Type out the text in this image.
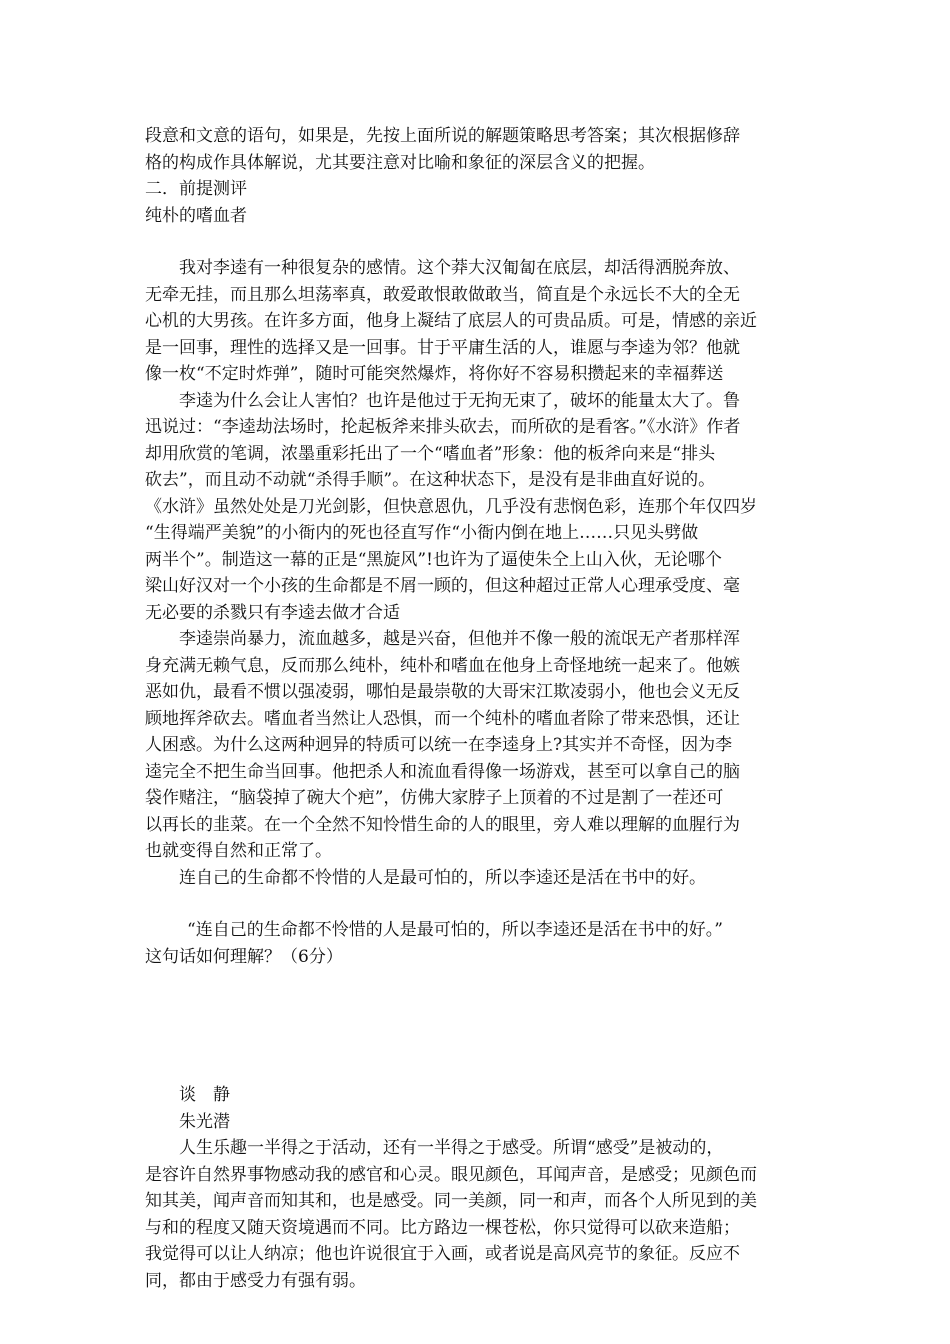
段意和文意的语句，如果是，先按上面所说的解题策略思考答案；其次根据修辞
格的构成作具体解说，尤其要注意对比喻和象征的深层含义的把握。
二．前提测评
纯朴的嗜血者
我对李逵有一种很复杂的感情。这个莽大汉匍匐在底层，却活得洒脱奔放、
无牵无挂，而且那么坦荡率真，敢爱敢恨敢做敢当，简直是个永远长不大的全无
心机的大男孩。在许多方面，他身上凝结了底层人的可贵品质。可是，情感的亲近
是一回事，理性的选择又是一回事。甘于平庸生活的人，谁愿与李逵为邻？他就
像一枚“不定时炸弹”，随时可能突然爆炸，将你好不容易积攒起来的幸福葬送
李逵为什么会让人害怕？也许是他过于无拘无束了，破坏的能量太大了。鲁
迅说过：“李逵劫法场时，抡起板斧来排头砍去，而所砍的是看客。”《水浒》作者
却用欣赏的笔调，浓墨重彩托出了一个“嗜血者”形象：他的板斧向来是“排头
砍去”，而且动不动就“杀得手顺”。在这种状态下，是没有是非曲直好说的。
《水浒》虽然处处是刀光剑影，但快意恩仇，几乎没有悲悯色彩，连那个年仅四岁
“生得端严美貌”的小衙内的死也径直写作“小衙内倒在地上……只见头劈做
两半个”。制造这一幕的正是“黑旋风”!也许为了逼使朱仝上山入伙，无论哪个
梁山好汉对一个小孩的生命都是不屑一顾的，但这种超过正常人心理承受度、毫
无必要的杀戮只有李逵去做才合适
李逵崇尚暴力，流血越多，越是兴奋，但他并不像一般的流氓无产者那样浑
身充满无赖气息，反而那么纯朴，纯朴和嗜血在他身上奇怪地统一起来了。他嫉
恶如仇，最看不惯以强凌弱，哪怕是最崇敬的大哥宋江欺凌弱小，他也会义无反
顾地挥斧砍去。嗜血者当然让人恐惧，而一个纯朴的嗜血者除了带来恐惧，还让
人困惑。为什么这两种迥异的特质可以统一在李逵身上?其实并不奇怪，因为李
逵完全不把生命当回事。他把杀人和流血看得像一场游戏，甚至可以拿自己的脑
袋作赌注，“脑袋掉了碗大个疤”，仿佛大家脖子上顶着的不过是割了一茬还可
以再长的韭菜。在一个全然不知怜惜生命的人的眼里，旁人难以理解的血腥行为
也就变得自然和正常了。
连自己的生命都不怜惜的人是最可怕的，所以李逵还是活在书中的好。
“连自己的生命都不怜惜的人是最可怕的，所以李逵还是活在书中的好。”
这句话如何理解？（6分）
谈　静
朱光潜
人生乐趣一半得之于活动，还有一半得之于感受。所谓“感受”是被动的，
是容许自然界事物感动我的感官和心灵。眼见颜色，耳闻声音，是感受；见颜色而
知其美，闻声音而知其和，也是感受。同一美颜，同一和声，而各个人所见到的美
与和的程度又随天资境遇而不同。比方路边一棵苍松，你只觉得可以砍来造船；
我觉得可以让人纳凉；他也许说很宜于入画，或者说是高风亮节的象征。反应不
同，都由于感受力有强有弱。
